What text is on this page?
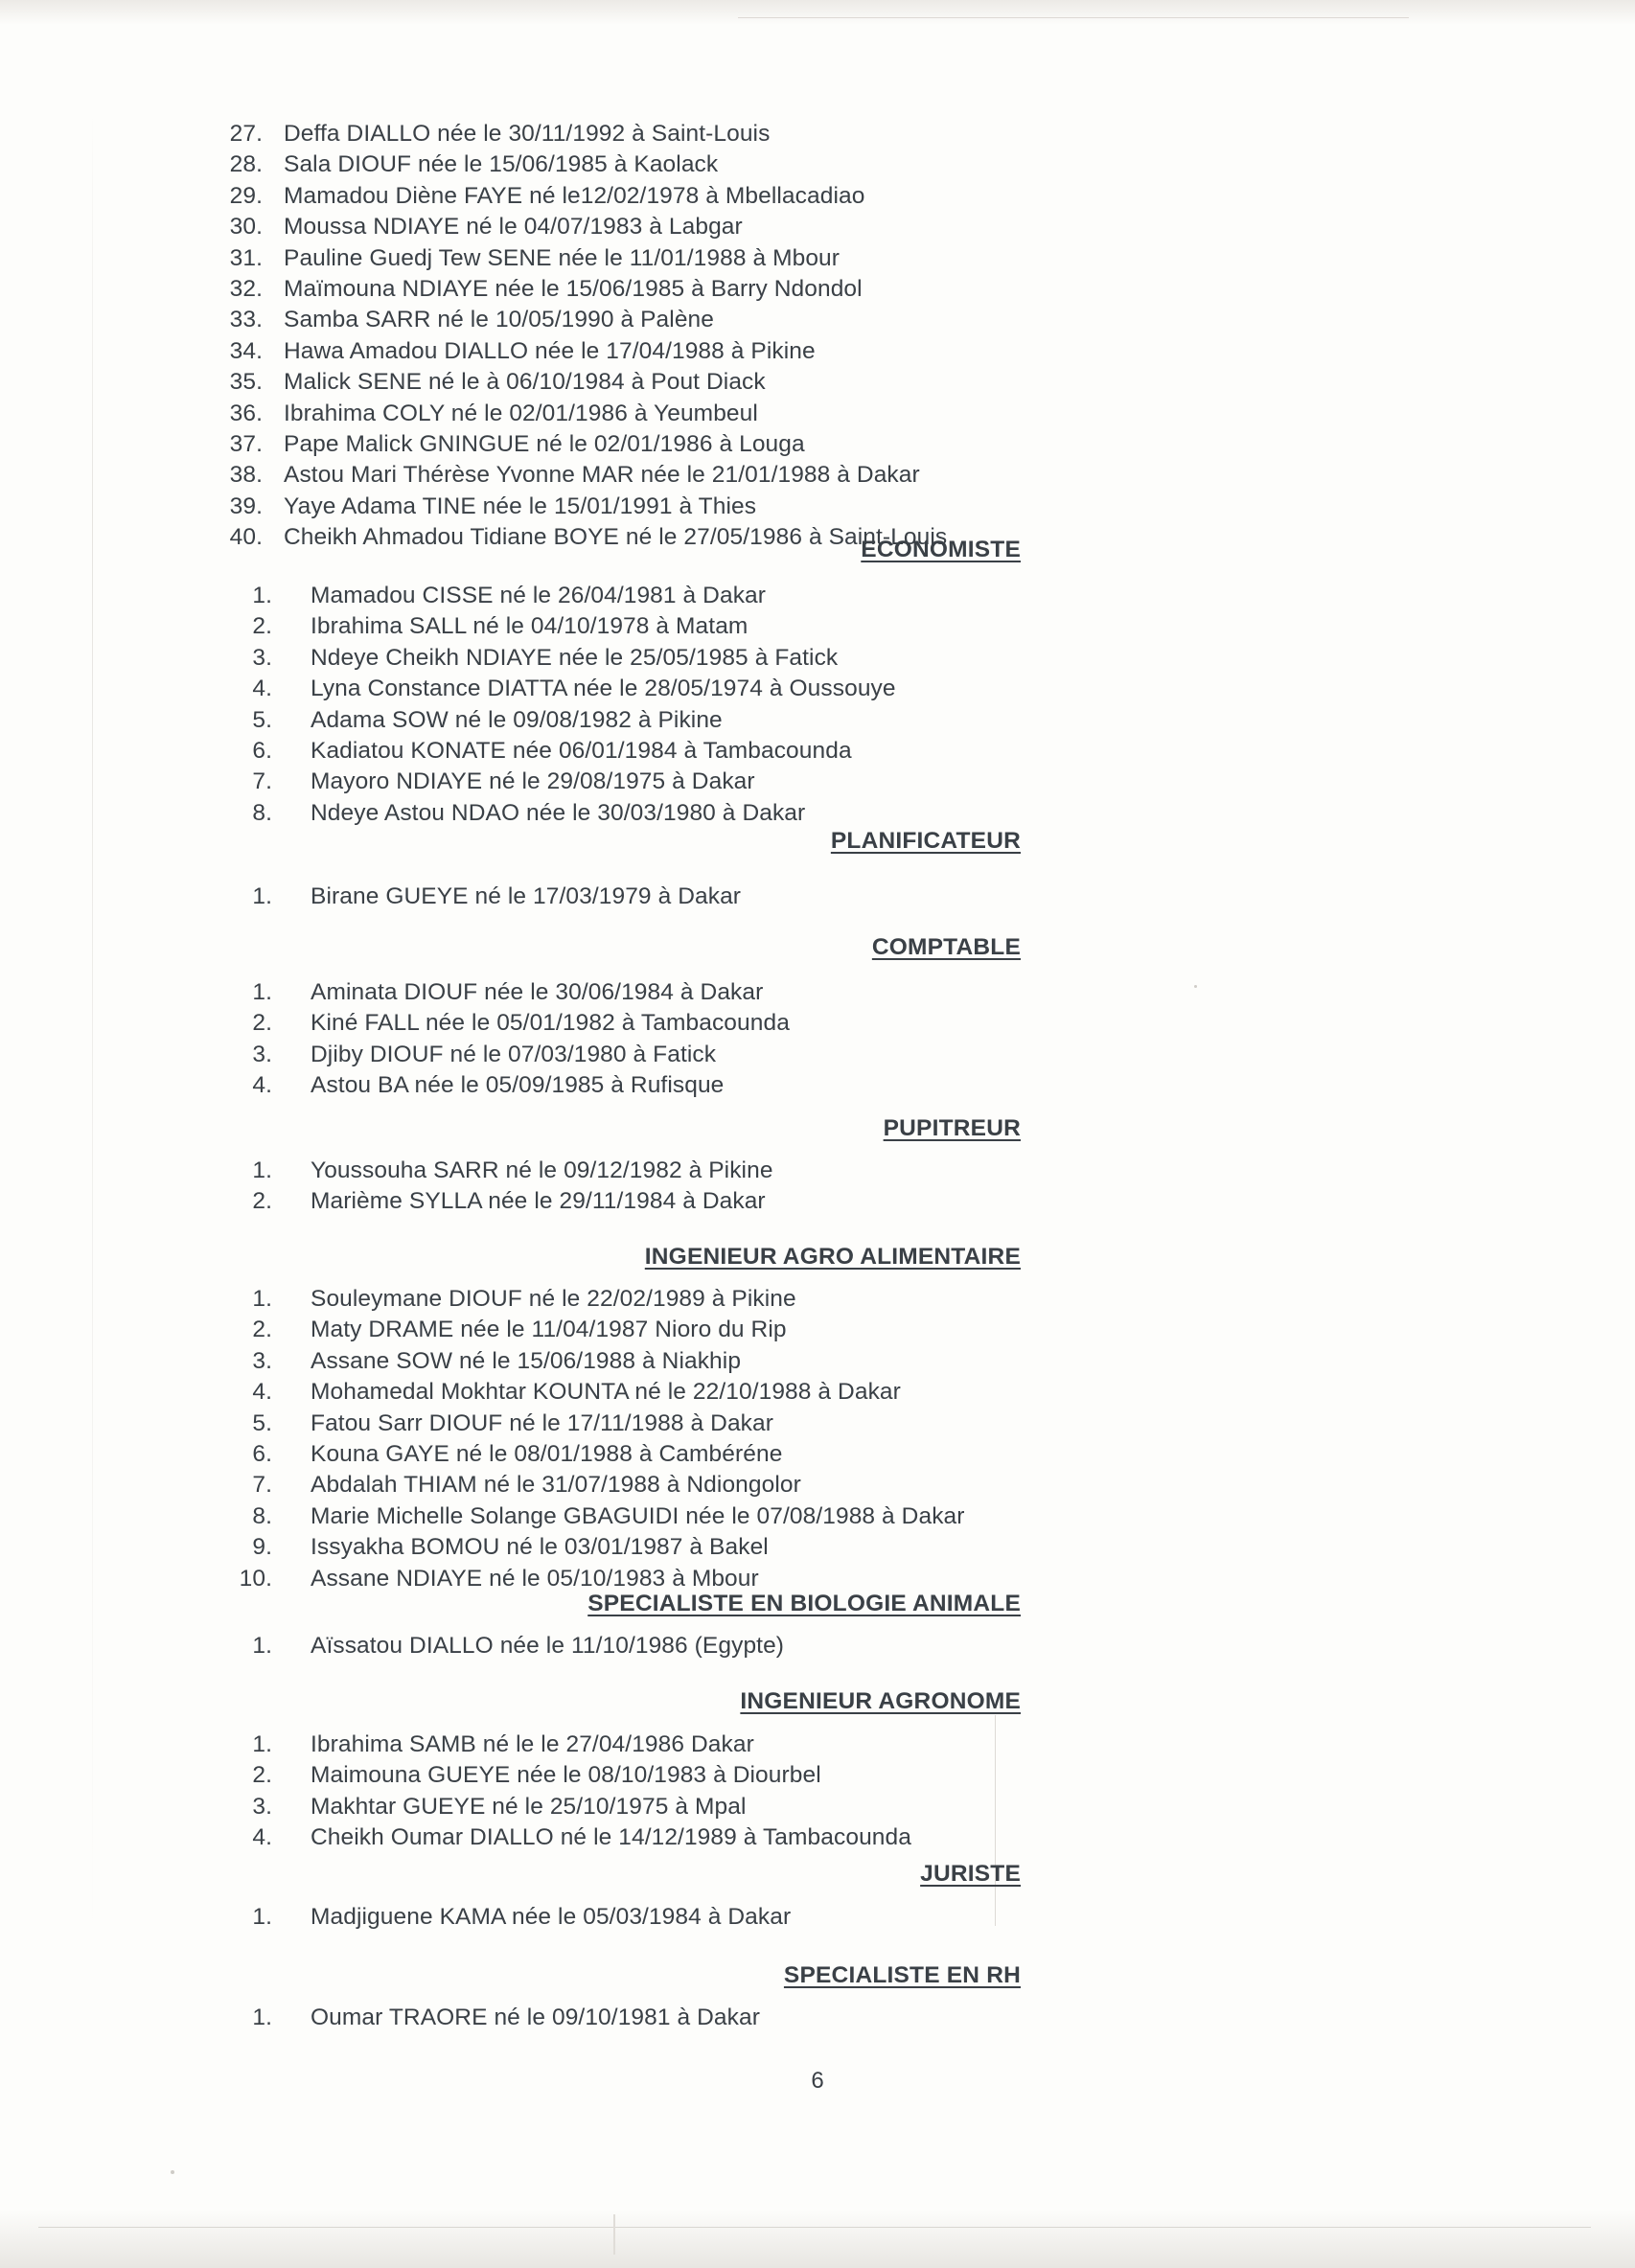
27. Deffa DIALLO née le 30/11/1992 à Saint-Louis
28. Sala DIOUF née le 15/06/1985 à Kaolack
29. Mamadou Diène FAYE né le12/02/1978 à Mbellacadiao
30. Moussa NDIAYE né le 04/07/1983 à Labgar
31. Pauline Guedj Tew SENE née le 11/01/1988 à Mbour
32. Maïmouna NDIAYE née le 15/06/1985 à Barry Ndondol
33. Samba SARR né le 10/05/1990 à Palène
34. Hawa Amadou DIALLO née le 17/04/1988 à Pikine
35. Malick SENE né le à 06/10/1984 à Pout Diack
36. Ibrahima COLY né le 02/01/1986 à Yeumbeul
37. Pape Malick GNINGUE né le 02/01/1986 à Louga
38. Astou Mari Thérèse Yvonne MAR née le 21/01/1988 à Dakar
39. Yaye Adama TINE née le 15/01/1991 à Thies
40. Cheikh Ahmadou Tidiane BOYE né le 27/05/1986 à Saint-Louis
ECONOMISTE
1.	Mamadou CISSE né le 26/04/1981 à Dakar
2.	Ibrahima SALL né le 04/10/1978 à Matam
3.	Ndeye Cheikh NDIAYE née le 25/05/1985 à Fatick
4.	Lyna Constance DIATTA née le 28/05/1974 à Oussouye
5.	Adama SOW né le 09/08/1982 à Pikine
6.	Kadiatou KONATE née 06/01/1984 à Tambacounda
7.	Mayoro NDIAYE né le 29/08/1975 à Dakar
8.	Ndeye Astou NDAO née le 30/03/1980 à Dakar
PLANIFICATEUR
1.	Birane GUEYE né le 17/03/1979 à Dakar
COMPTABLE
1.	Aminata DIOUF née le 30/06/1984 à Dakar
2.	Kiné FALL née le 05/01/1982 à Tambacounda
3.	Djiby DIOUF né le 07/03/1980 à Fatick
4.	Astou BA née le 05/09/1985 à Rufisque
PUPITREUR
1.	Youssouha SARR né le 09/12/1982 à Pikine
2.	Marième SYLLA née le 29/11/1984 à Dakar
INGENIEUR AGRO ALIMENTAIRE
1.	Souleymane DIOUF né le 22/02/1989 à Pikine
2.	Maty DRAME née le 11/04/1987 Nioro du Rip
3.	Assane SOW né le 15/06/1988 à Niakhip
4.	Mohamedal Mokhtar KOUNTA né le 22/10/1988 à Dakar
5.	Fatou Sarr DIOUF né le 17/11/1988 à Dakar
6.	Kouna GAYE né le 08/01/1988 à Cambéréne
7.	Abdalah THIAM né le 31/07/1988 à Ndiongolor
8.	Marie Michelle Solange GBAGUIDI née le 07/08/1988 à Dakar
9.	Issyakha BOMOU né le 03/01/1987 à Bakel
10.	Assane NDIAYE né le 05/10/1983 à Mbour
SPECIALISTE EN BIOLOGIE ANIMALE
1.	Aïssatou DIALLO née le 11/10/1986 (Egypte)
INGENIEUR AGRONOME
1.	Ibrahima SAMB né le le 27/04/1986 Dakar
2.	Maimouna GUEYE née le 08/10/1983 à Diourbel
3.	Makhtar GUEYE né le 25/10/1975 à Mpal
4.	Cheikh Oumar DIALLO né le 14/12/1989 à Tambacounda
JURISTE
1.	Madjiguene KAMA née le 05/03/1984 à Dakar
SPECIALISTE EN RH
1.	Oumar TRAORE né le 09/10/1981 à Dakar
6
